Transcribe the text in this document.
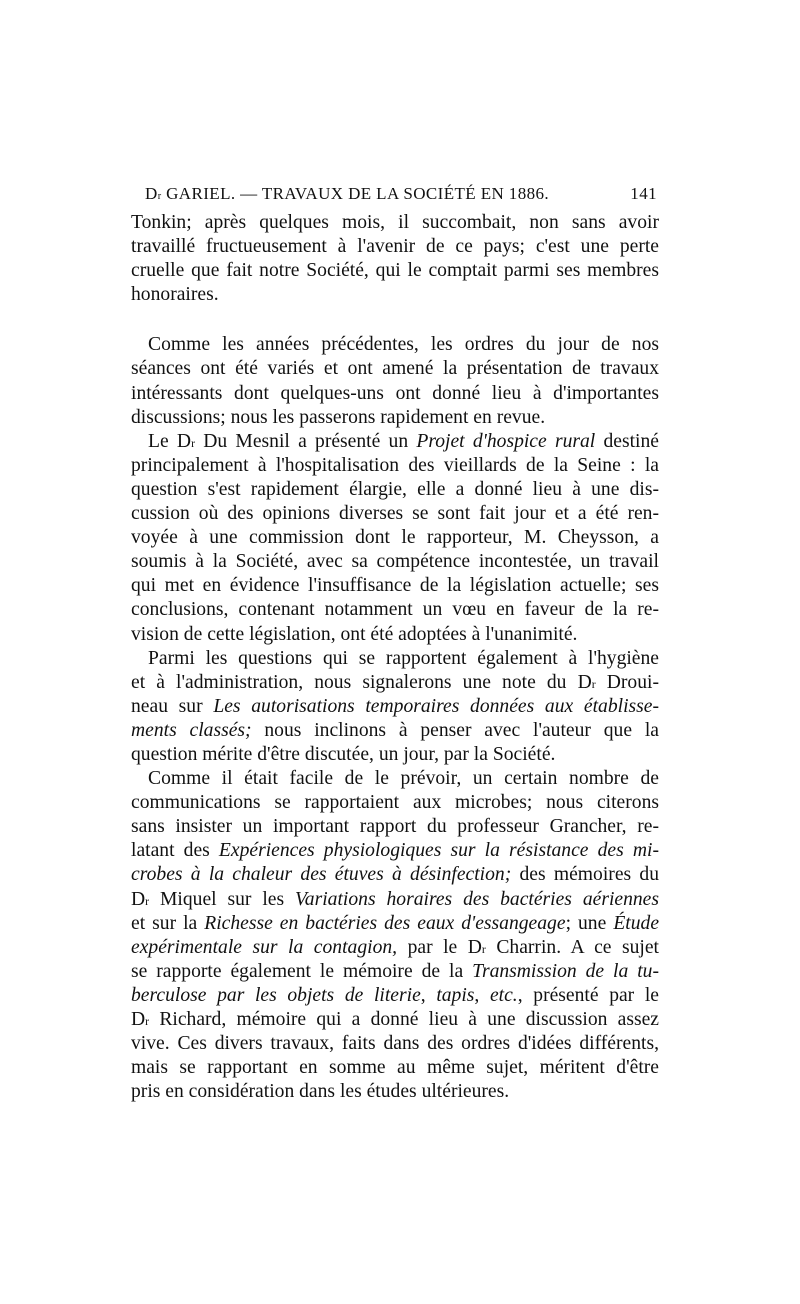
$D^r$ GARIEL. — TRAVAUX DE LA SOCIÉTÉ EN 1886.	141
Tonkin; après quelques mois, il succombait, non sans avoir
travaillé fructueusement à l'avenir de ce pays; c'est une perte
cruelle que fait notre Société, qui le comptait parmi ses membres
honoraires.
Comme les années précédentes, les ordres du jour de nos
séances ont été variés et ont amené la présentation de travaux
intéressants dont quelques-uns ont donné lieu à d'importantes
discussions; nous les passerons rapidement en revue.
Le $D^r$ Du Mesnil a présenté un Projet d'hospice rural destiné
principalement à l'hospitalisation des vieillards de la Seine : la
question s'est rapidement élargie, elle a donné lieu à une dis-
cussion où des opinions diverses se sont fait jour et a été ren-
voyée à une commission dont le rapporteur, M. Cheysson, a
soumis à la Société, avec sa compétence incontestée, un travail
qui met en évidence l'insuffisance de la législation actuelle; ses
conclusions, contenant notamment un vœu en faveur de la re-
vision de cette législation, ont été adoptées à l'unanimité.
Parmi les questions qui se rapportent également à l'hygiène
et à l'administration, nous signalerons une note du $D^r$ Droui-
neau sur Les autorisations temporaires données aux établisse-
ments classés; nous inclinons à penser avec l'auteur que la
question mérite d'être discutée, un jour, par la Société.
Comme il était facile de le prévoir, un certain nombre de
communications se rapportaient aux microbes; nous citerons
sans insister un important rapport du professeur Grancher, re-
latant des Expériences physiologiques sur la résistance des mi-
crobes à la chaleur des étuves à désinfection; des mémoires du
$D^r$ Miquel sur les Variations horaires des bactéries aériennes
et sur la Richesse en bactéries des eaux d'essangeage; une Étude
expérimentale sur la contagion, par le $D^r$ Charrin. A ce sujet
se rapporte également le mémoire de la Transmission de la tu-
berculose par les objets de literie, tapis, etc., présenté par le
$D^r$ Richard, mémoire qui a donné lieu à une discussion assez
vive. Ces divers travaux, faits dans des ordres d'idées différents,
mais se rapportant en somme au même sujet, méritent d'être
pris en considération dans les études ultérieures.
